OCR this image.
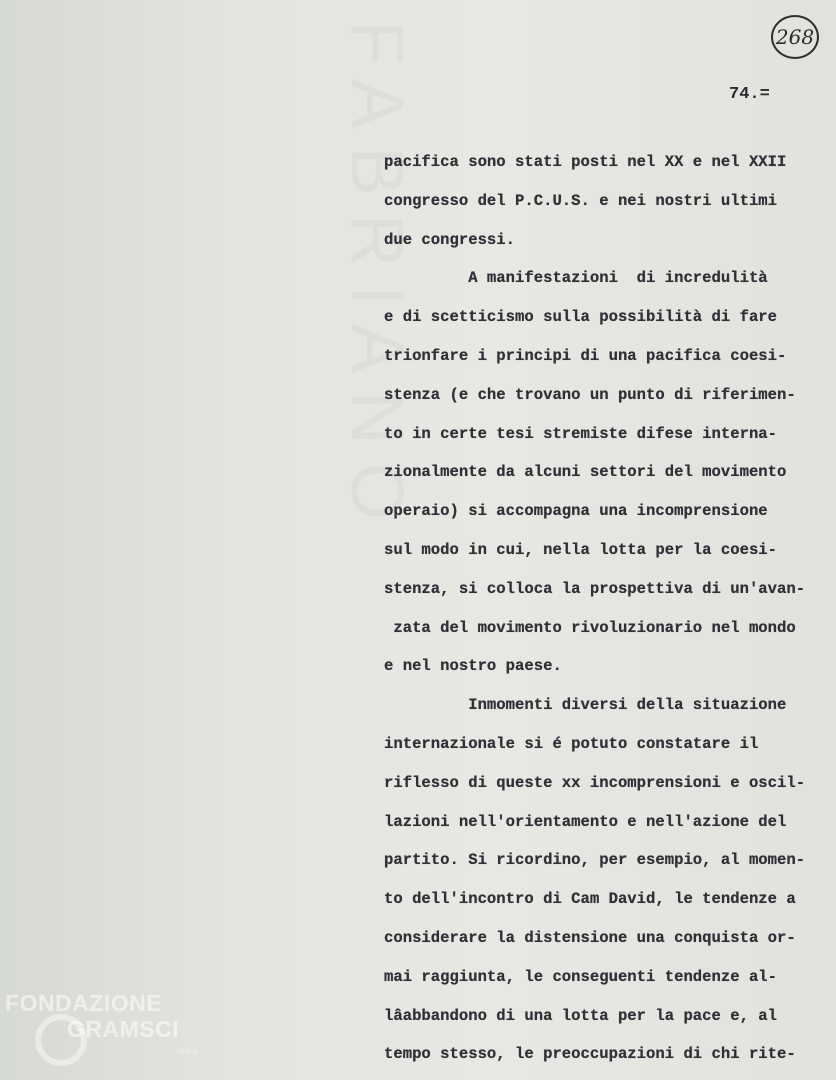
FABRIANO	268
74.=
pacifica sono stati posti nel XX e nel XXII
congresso del P.C.U.S. e nei nostri ultimi
due congressi.
A manifestazioni  di incredulità
e di scetticismo sulla possibilità di fare
trionfare i principi di una pacifica coesi-
stenza (e che trovano un punto di riferimen-
to in certe tesi stremiste difese interna-
zionalmente da alcuni settori del movimento
operaio) si accompagna una incomprensione
sul modo in cui, nella lotta per la coesi-
stenza, si colloca la prospettiva di un'avan-
zata del movimento rivoluzionario nel mondo
e nel nostro paese.
Inmomenti diversi della situazione
internazionale si é potuto constatare il
riflesso di queste xx incomprensioni e oscil-
lazioni nell'orientamento e nell'azione del
partito. Si ricordino, per esempio, al momen-
to dell'incontro di Cam David, le tendenze a
considerare la distensione una conquista or-
mai raggiunta, le conseguenti tendenze al-
lâabbandono di una lotta per la pace e, al
tempo stesso, le preoccupazioni di chi rite-
FONDAZIONE
GRAMSCI
onlus
